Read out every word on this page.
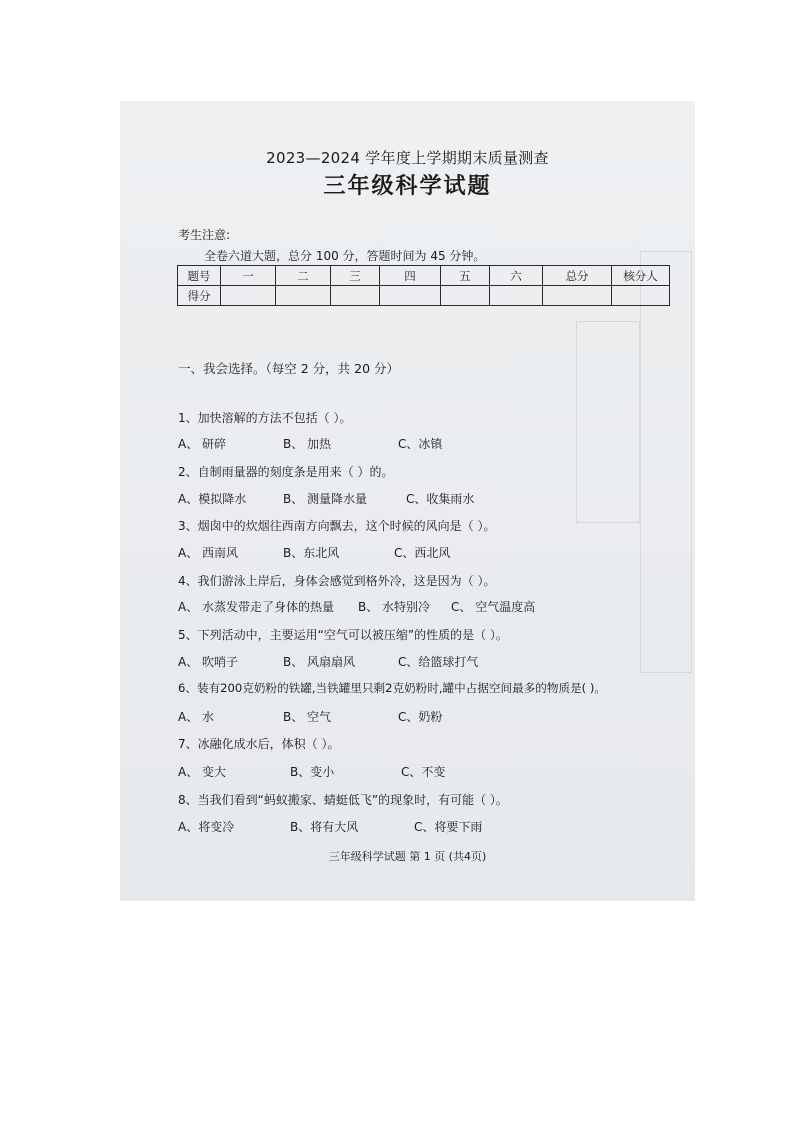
2023—2024 学年度上学期期末质量测查
三年级科学试题
考生注意:
全卷六道大题，总分 100 分，答题时间为 45 分钟。
题号	一	二	三	四	五	六	总分	核分人
得分								
一、我会选择。（每空 2 分，共 20 分）
1、加快溶解的方法不包括（ ）。
A、 研碎	B、 加热	C、冰镇
2、自制雨量器的刻度条是用来（ ）的。
A、模拟降水	B、 测量降水量	C、收集雨水
3、烟囱中的炊烟往西南方向飘去，这个时候的风向是（ ）。
A、 西南风	B、东北风	C、西北风
4、我们游泳上岸后，身体会感觉到格外冷，这是因为（ ）。
A、 水蒸发带走了身体的热量 B、 水特别冷 C、 空气温度高
5、下列活动中，主要运用“空气可以被压缩”的性质的是（ ）。
A、 吹哨子	B、 风扇扇风	C、给篮球打气
6、装有200克奶粉的铁罐,当铁罐里只剩2克奶粉时,罐中占据空间最多的物质是( )。
A、 水	B、 空气	C、奶粉
7、冰融化成水后，体积（ ）。
A、 变大	B、变小	C、不变
8、当我们看到“蚂蚁搬家、蜻蜓低飞”的现象时，有可能（ ）。
A、将变冷	B、将有大风	C、将要下雨
三年级科学试题 第 1 页 (共4页)
